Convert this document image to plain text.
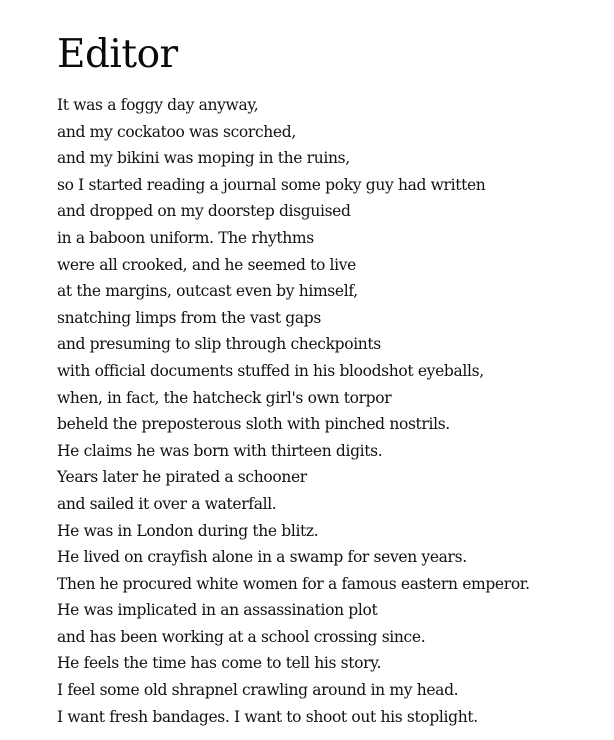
Editor
It was a foggy day anyway,
and my cockatoo was scorched,
and my bikini was moping in the ruins,
so I started reading a journal some poky guy had written
and dropped on my doorstep disguised
in a baboon uniform. The rhythms
were all crooked, and he seemed to live
at the margins, outcast even by himself,
snatching limps from the vast gaps
and presuming to slip through checkpoints
with official documents stuffed in his bloodshot eyeballs,
when, in fact, the hatcheck girl's own torpor
beheld the preposterous sloth with pinched nostrils.
He claims he was born with thirteen digits.
Years later he pirated a schooner
and sailed it over a waterfall.
He was in London during the blitz.
He lived on crayfish alone in a swamp for seven years.
Then he procured white women for a famous eastern emperor.
He was implicated in an assassination plot
and has been working at a school crossing since.
He feels the time has come to tell his story.
I feel some old shrapnel crawling around in my head.
I want fresh bandages. I want to shoot out his stoplight.
